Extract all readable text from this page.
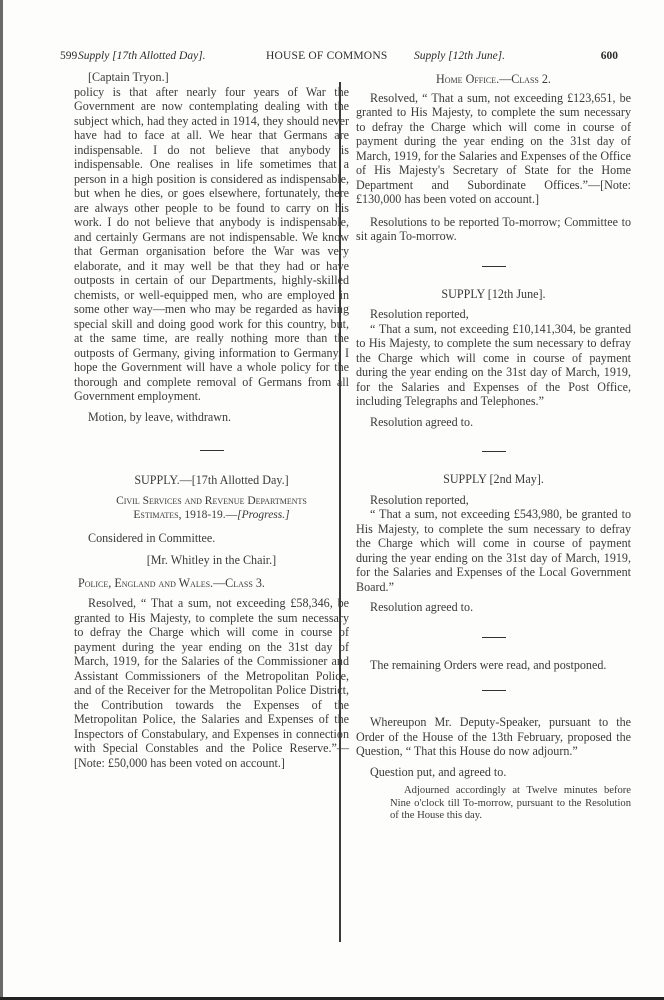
599 Supply [17th Allotted Day].	HOUSE OF COMMONS Supply [12th June].	600

[Captain Tryon.]

policy is that after nearly four years of War the Government are now contemplating dealing with the subject which, had they acted in 1914, they should never have had to face at all. We hear that Germans are indispensable. I do not believe that anybody is indispensable. One realises in life sometimes that a person in a high position is considered as indispensable, but when he dies, or goes elsewhere, fortunately, there are always other people to be found to carry on his work. I do not believe that anybody is indispensable, and certainly Germans are not indispensable. We know that German organisation before the War was very elaborate, and it may well be that they had or have outposts in certain of our Departments, highly-skilled chemists, or well-equipped men, who are employed in some other way—men who may be regarded as having special skill and doing good work for this country, but, at the same time, are really nothing more than the outposts of Germany, giving information to Germany. I hope the Government will have a whole policy for the thorough and complete removal of Germans from all Government employment.

Motion, by leave, withdrawn.

SUPPLY.—[17th Allotted Day.]

Civil Services and Revenue Departments

Estimates, 1918-19.—[Progress.]

Considered in Committee.

[Mr. Whitley in the Chair.]

Police, England and Wales.—Class 3.

Resolved, “ That a sum, not exceeding £58,346, be granted to His Majesty, to complete the sum necessary to defray the Charge which will come in course of payment during the year ending on the 31st day of March, 1919, for the Salaries of the Commissioner and Assistant Commissioners of the Metropolitan Police, and of the Receiver for the Metropolitan Police District, the Contribution towards the Expenses of the Metropolitan Police, the Salaries and Expenses of the Inspectors of Constabulary, and Expenses in connection with Special Constables and the Police Reserve.”—[Note: £50,000 has been voted on account.]

Home Office.—Class 2.

Resolved, “ That a sum, not exceeding £123,651, be granted to His Majesty, to complete the sum necessary to defray the Charge which will come in course of payment during the year ending on the 31st day of March, 1919, for the Salaries and Expenses of the Office of His Majesty's Secretary of State for the Home Department and Subordinate Offices.”—[Note: £130,000 has been voted on account.]

Resolutions to be reported To-morrow; Committee to sit again To-morrow.

SUPPLY [12th June].

Resolution reported,

“ That a sum, not exceeding £10,141,304, be granted to His Majesty, to complete the sum necessary to defray the Charge which will come in course of payment during the year ending on the 31st day of March, 1919, for the Salaries and Expenses of the Post Office, including Telegraphs and Telephones.”

Resolution agreed to.

SUPPLY [2nd May].

Resolution reported,

“ That a sum, not exceeding £543,980, be granted to His Majesty, to complete the sum necessary to defray the Charge which will come in course of payment during the year ending on the 31st day of March, 1919, for the Salaries and Expenses of the Local Government Board.”

Resolution agreed to.

The remaining Orders were read, and postponed.

Whereupon Mr. Deputy-Speaker, pursuant to the Order of the House of the 13th February, proposed the Question, “ That this House do now adjourn.”

Question put, and agreed to.

Adjourned accordingly at Twelve minutes before Nine o'clock till To-morrow, pursuant to the Resolution of the House this day.
